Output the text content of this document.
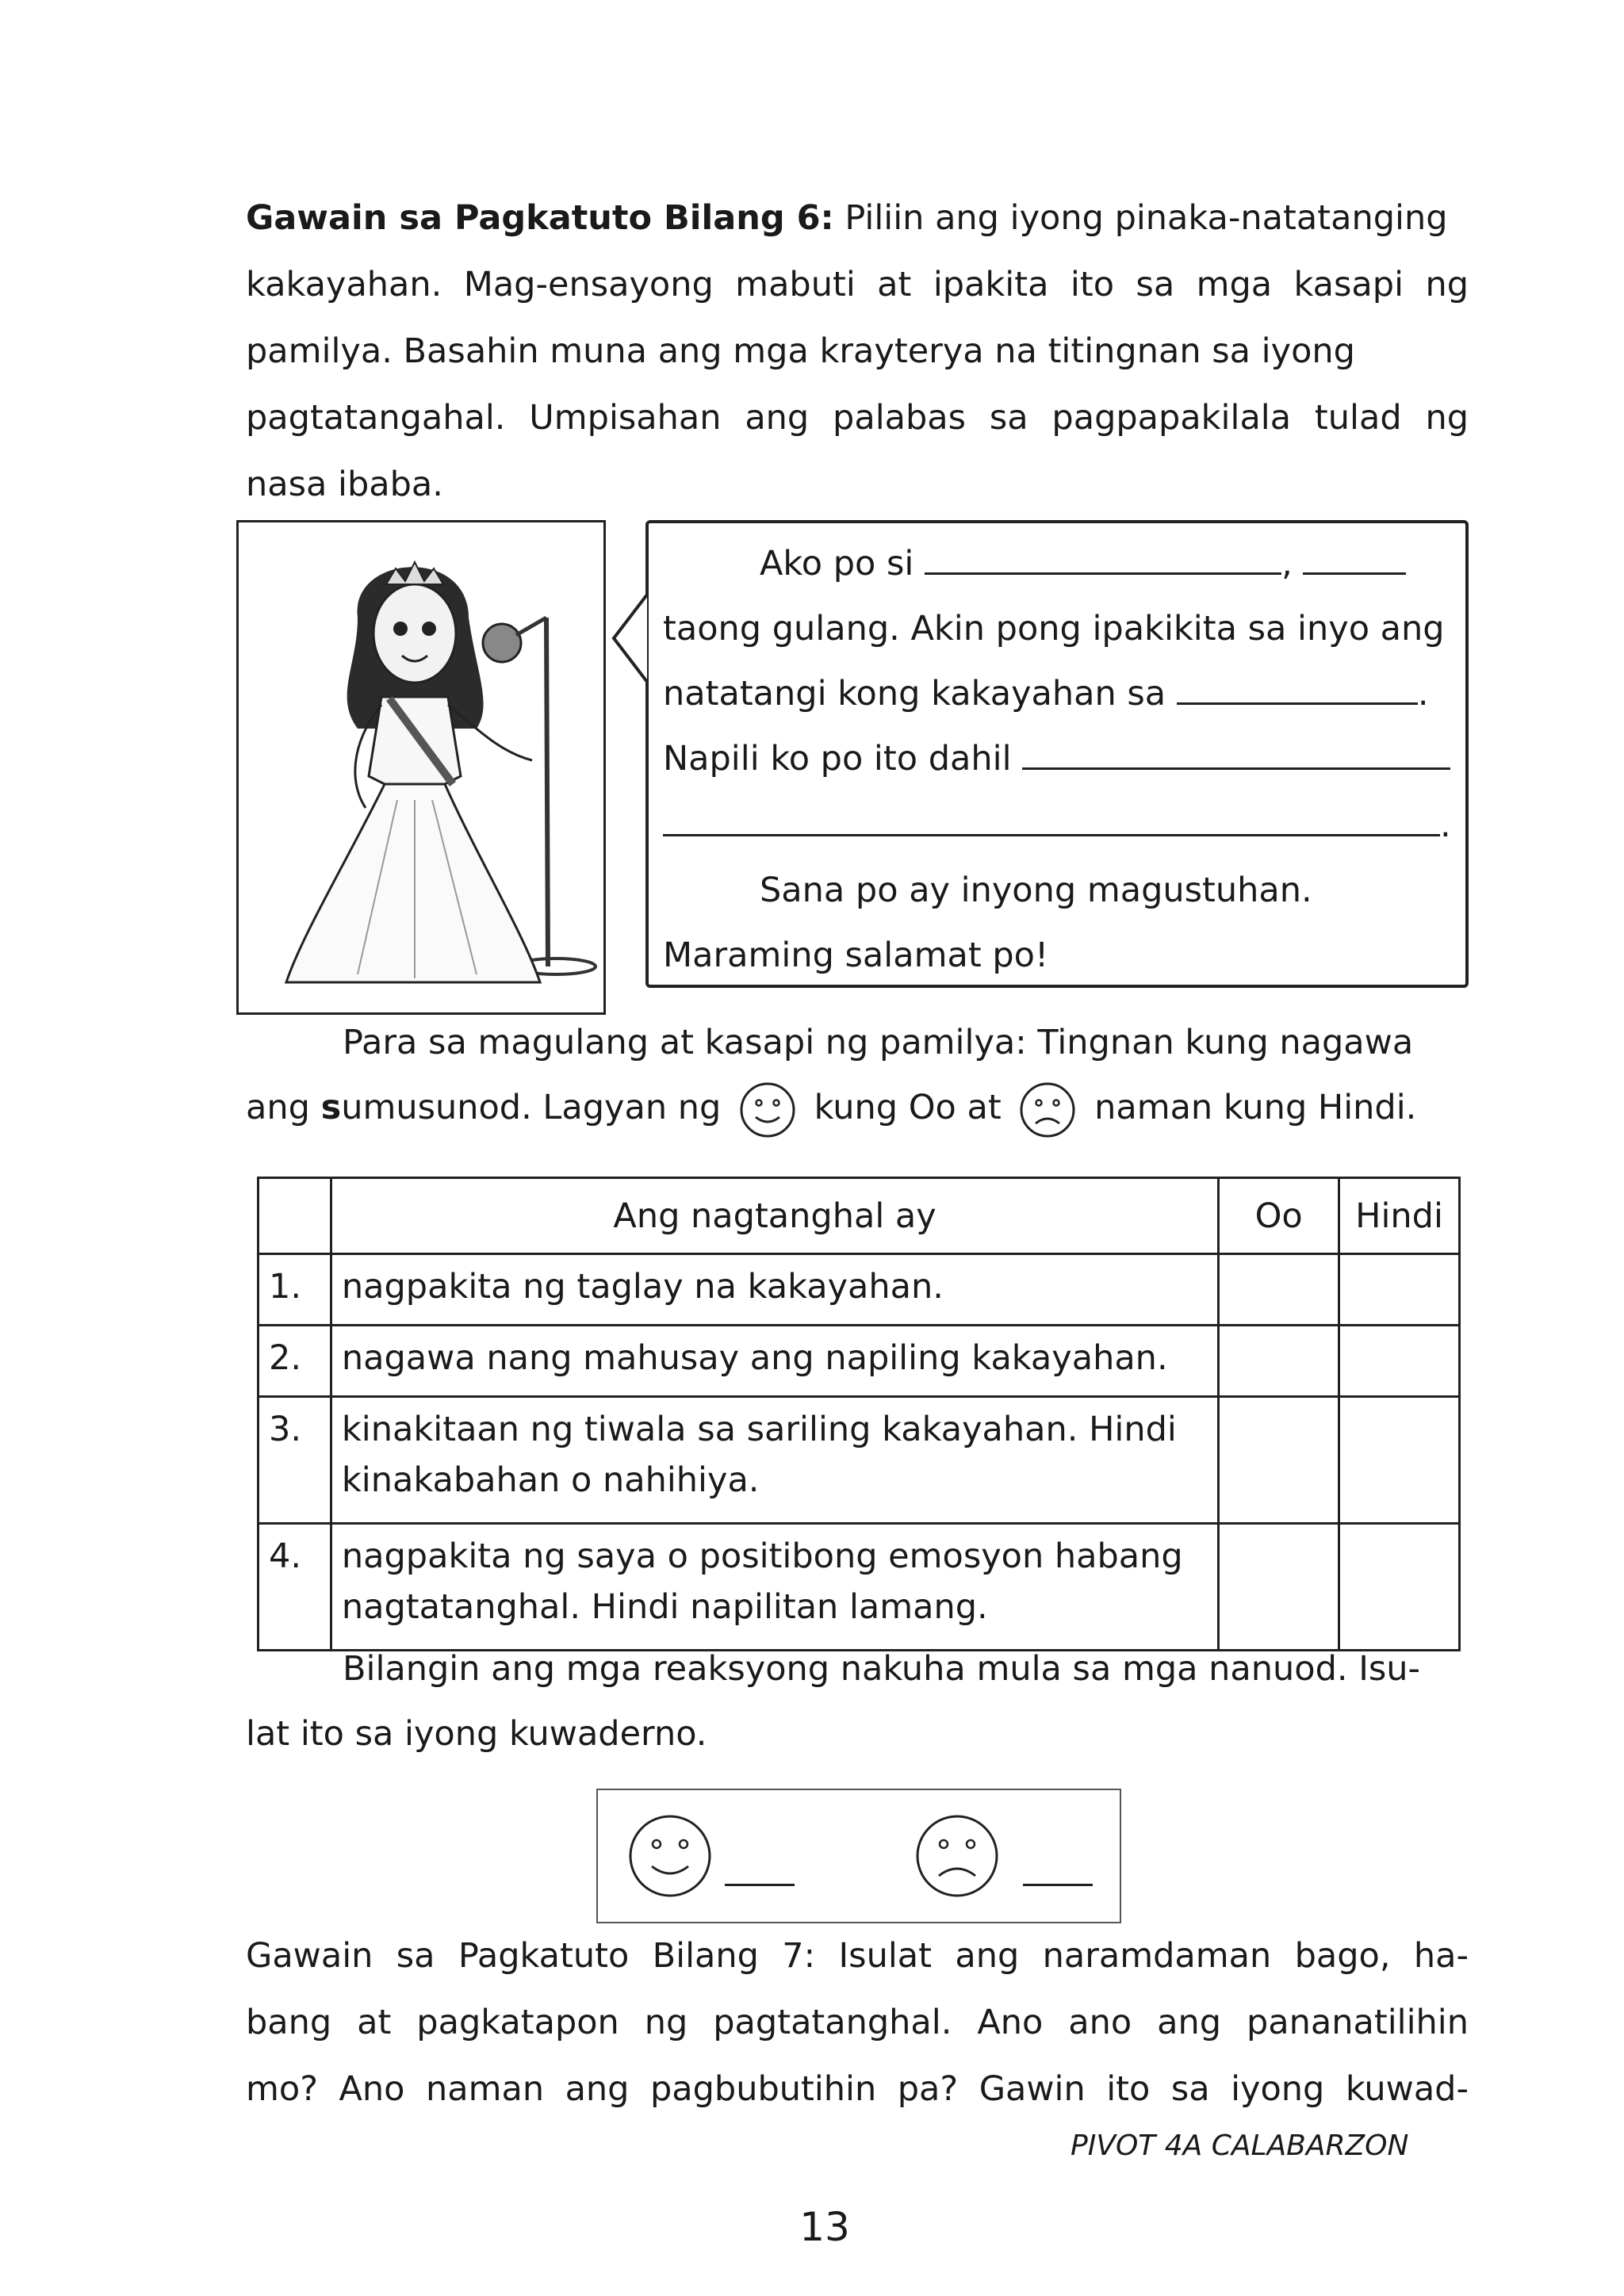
Gawain sa Pagkatuto Bilang 6: Piliin ang iyong pinaka-natatanging
kakayahan. Mag-ensayong mabuti at ipakita ito sa mga kasapi ng
pamilya. Basahin muna ang mga krayterya na titingnan sa iyong
pagtatangahal. Umpisahan ang palabas sa pagpapakilala tulad ng
nasa ibaba.
Ako po si	,
taong gulang. Akin pong ipakikita sa inyo ang
natatangi kong kakayahan sa	.
Napili ko po ito dahil
.
Sana po ay inyong magustuhan.
Maraming salamat po!
Para sa magulang at kasapi ng pamilya: Tingnan kung nagawa
ang sumusunod. Lagyan ng	kung Oo at	naman kung Hindi.
	Ang nagtanghal ay	Oo	Hindi
1.	nagpakita ng taglay na kakayahan.		
2.	nagawa nang mahusay ang napiling kakayahan.		
3.	kinakitaan ng tiwala sa sariling kakayahan. Hindi kinakabahan o nahihiya.		
4.	nagpakita ng saya o positibong emosyon habang nagtatanghal. Hindi napilitan lamang.		
Bilangin ang mga reaksyong nakuha mula sa mga nanuod. Isu-
lat ito sa iyong kuwaderno.
Gawain sa Pagkatuto Bilang 7: Isulat ang naramdaman bago, ha-
bang at pagkatapon ng pagtatanghal. Ano ano ang pananatilihin
mo? Ano naman ang pagbubutihin pa? Gawin ito sa iyong kuwad-
PIVOT 4A CALABARZON
13
